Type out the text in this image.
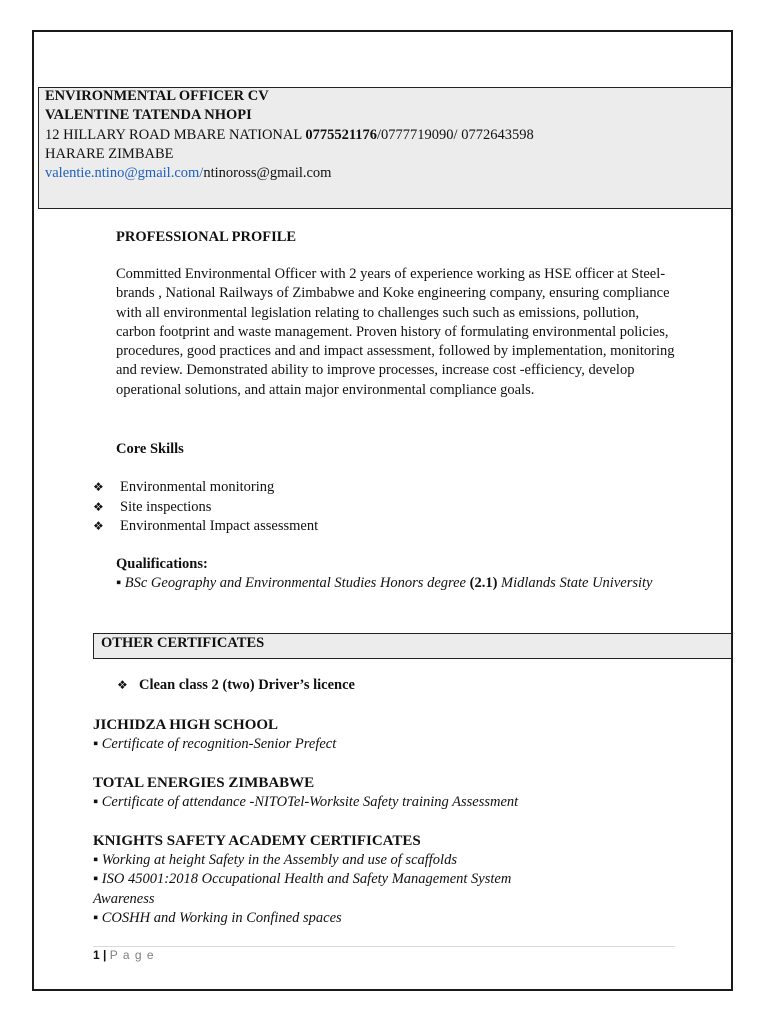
ENVIRONMENTAL OFFICER CV
VALENTINE TATENDA NHOPI
12 HILLARY ROAD MBARE NATIONAL 0775521176/0777719090/ 0772643598
HARARE ZIMBABE
valentie.ntino@gmail.com/ntinoross@gmail.com
PROFESSIONAL PROFILE

Committed Environmental Officer with 2 years of experience working as HSE officer at Steel-brands , National Railways of Zimbabwe and Koke engineering company, ensuring compliance with all environmental legislation relating to challenges such such as emissions, pollution, carbon footprint and waste management. Proven history of formulating environmental policies, procedures, good practices and and impact assessment, followed by implementation, monitoring and review. Demonstrated ability to improve processes, increase cost -efficiency, develop operational solutions, and attain major environmental compliance goals.

Core Skills
❖ Environmental monitoring
❖ Site inspections
❖ Environmental Impact assessment
Qualifications:
▪ BSc Geography and Environmental Studies Honors degree (2.1) Midlands State University
OTHER CERTIFICATES
❖ Clean class 2 (two) Driver’s licence
JICHIDZA HIGH SCHOOL
▪ Certificate of recognition-Senior Prefect
TOTAL ENERGIES ZIMBABWE
▪ Certificate of attendance -NITOTel-Worksite Safety training Assessment
KNIGHTS SAFETY ACADEMY CERTIFICATES
▪ Working at height Safety in the Assembly and use of scaffolds
▪ ISO 45001:2018 Occupational Health and Safety Management System
Awareness
▪ COSHH and Working in Confined spaces
1 | P a g e
